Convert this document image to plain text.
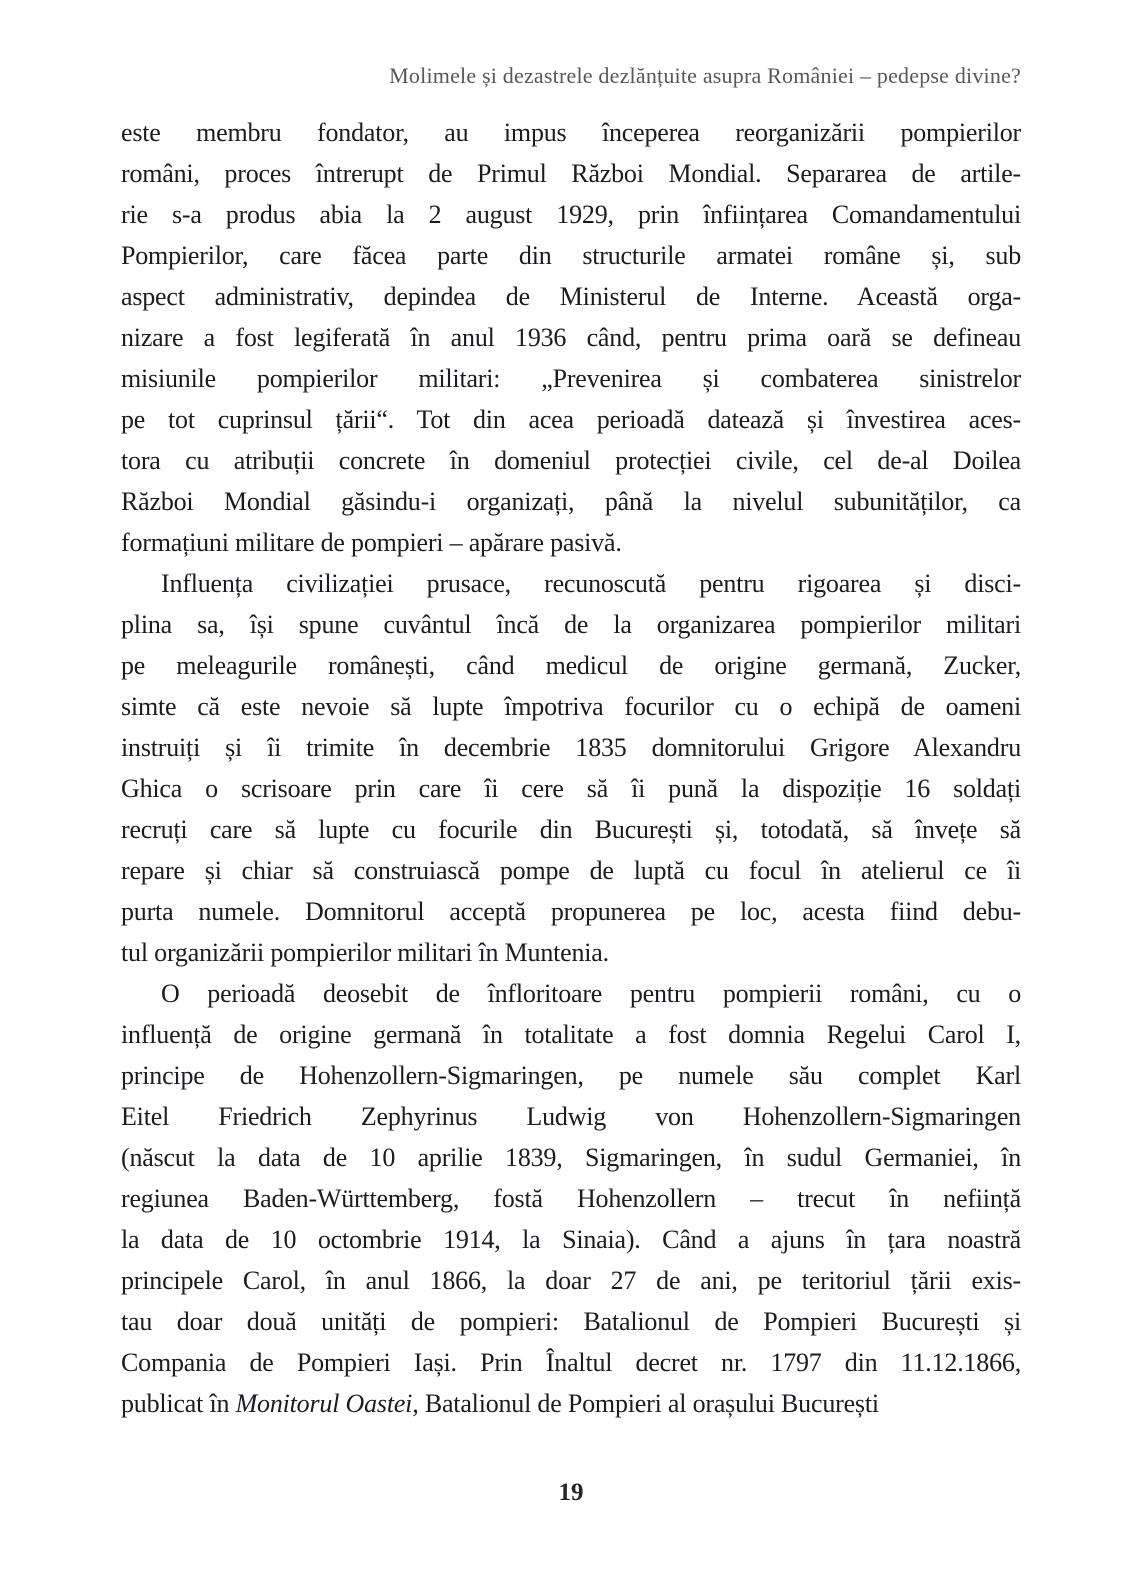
Molimele și dezastrele dezlănțuite asupra României – pedepse divine?
este membru fondator, au impus începerea reorganizării pompierilor
români, proces întrerupt de Primul Război Mondial. Separarea de artile-
rie s-a produs abia la 2 august 1929, prin înființarea Comandamentului
Pompierilor, care făcea parte din structurile armatei române și, sub
aspect administrativ, depindea de Ministerul de Interne. Această orga-
nizare a fost legiferată în anul 1936 când, pentru prima oară se defineau
misiunile pompierilor militari: „Prevenirea și combaterea sinistrelor
pe tot cuprinsul țării“. Tot din acea perioadă datează și învestirea aces-
tora cu atribuții concrete în domeniul protecției civile, cel de-al Doilea
Război Mondial găsindu-i organizați, până la nivelul subunităților, ca
formațiuni militare de pompieri – apărare pasivă.
Influența civilizației prusace, recunoscută pentru rigoarea și disci-
plina sa, își spune cuvântul încă de la organizarea pompierilor militari
pe meleagurile românești, când medicul de origine germană, Zucker,
simte că este nevoie să lupte împotriva focurilor cu o echipă de oameni
instruiți și îi trimite în decembrie 1835 domnitorului Grigore Alexandru
Ghica o scrisoare prin care îi cere să îi pună la dispoziție 16 soldați
recruți care să lupte cu focurile din București și, totodată, să învețe să
repare și chiar să construiască pompe de luptă cu focul în atelierul ce îi
purta numele. Domnitorul acceptă propunerea pe loc, acesta fiind debu-
tul organizării pompierilor militari în Muntenia.
O perioadă deosebit de înfloritoare pentru pompierii români, cu o
influență de origine germană în totalitate a fost domnia Regelui Carol I,
principe de Hohenzollern-Sigmaringen, pe numele său complet Karl
Eitel Friedrich Zephyrinus Ludwig von Hohenzollern-Sigmaringen
(născut la data de 10 aprilie 1839, Sigmaringen, în sudul Germaniei, în
regiunea Baden-Württemberg, fostă Hohenzollern – trecut în neființă
la data de 10 octombrie 1914, la Sinaia). Când a ajuns în țara noastră
principele Carol, în anul 1866, la doar 27 de ani, pe teritoriul țării exis-
tau doar două unități de pompieri: Batalionul de Pompieri București și
Compania de Pompieri Iași. Prin Înaltul decret nr. 1797 din 11.12.1866,
publicat în Monitorul Oastei, Batalionul de Pompieri al orașului București
19
